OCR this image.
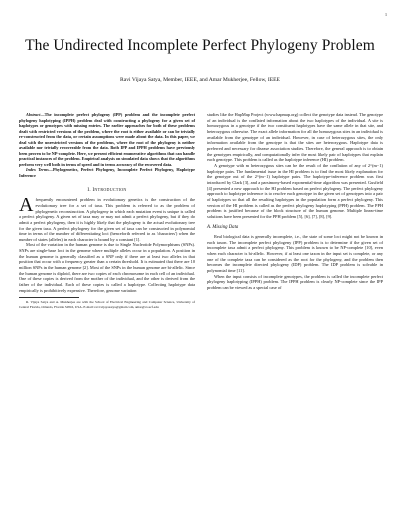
1
The Undirected Incomplete Perfect Phylogeny Problem
Ravi Vijaya Satya, Member, IEEE, and Amar Mukherjee, Fellow, IEEE

Abstract—The incomplete perfect phylogeny (IPP) problem and the incomplete perfect phylogeny haplotyping (IPPH) problem deal with constructing a phylogeny for a given set of haplotypes or genotypes with missing entries. The earlier approaches for both of these problems dealt with restricted versions of the problem, where the root is either available or can be trivially re-constructed from the data, or certain assumptions were made about the data. In this paper, we deal with the unrestricted versions of the problems, where the root of the phylogeny is neither available nor trivially recoverable from the data. Both IPP and IPPH problems have previously been proven to be NP-complete. Here, we present efficient enumerative algorithms that can handle practical instances of the problem. Empirical analysis on simulated data shows that the algorithms perform very well both in terms of speed and in terms accuracy of the recovered data.

Index Terms—Phylogenetics, Perfect Phylogeny, Incomplete Perfect Phylogeny, Haplotype Inference

I. Introduction

Afrequently encountered problem in evolutionary genetics is the construction of the evolutionary tree for a set of taxa. This problem is referred to as the problem of phylogenetic reconstruction. A phylogeny in which each mutation event is unique is called a perfect phylogeny. A given set of taxa may or may not admit a perfect phylogeny, but if they do admit a perfect phylogeny, then it is highly likely that the phylogeny is the actual evolutionary tree for the given taxa. A perfect phylogeny for the given set of taxa can be constructed in polynomial time in terms of the number of differentiating loci (henceforth referred to as 'characters') when the number of states (alleles) in each character is bound by a constant [1].

Most of the variation in the human genome is due to Single Nucleotide Polymorphisms (SNPs). SNPs are single-base loci in the genome where multiple alleles occur in a population. A position in the human genome is generally classified as a SNP only if there are at least two alleles in that position that occur with a frequency greater than a certain threshold. It is estimated that there are 10 million SNPs in the human genome [2]. Most of the SNPs in the human genome are bi-allelic. Since the human genome is diploid, there are two copies of each chromosome in each cell of an individual. One of these copies is derived from the mother of the individual, and the other is derived from the father of the individual. Each of these copies is called a haplotype. Collecting haplotype data empirically is prohibitively expensive. Therefore, genome variation

R. Vijaya Satya and A. Mukherjee are with the School of Electrical Engineering and Computer Science, University of Central Florida, Orlando, Florida 32816, USA. E-mail: ravi.vijayasatya@gmail.com, amar@cs.ucf.edu

studies like the HapMap Project (www.hapmap.org) collect the genotype data instead. The genotype of an individual is the conflated information about the two haplotypes of the individual. A site is homozygous in a genotype if the two constituent haplotypes have the same allele in that site, and heterozygous otherwise. The exact allele information for all the homozygous sites in an individual is available from the genotype of an individual. However, in case of heterozygous sites, the only information available from the genotype is that the sites are heterozygous. Haplotype data is preferred and necessary for disease association studies. Therefore, the general approach is to obtain the genotypes empirically, and computationally infer the most likely pair of haplotypes that explain each genotype. This problem is called as the haplotype inference (HI) problem.

A genotype with m heterozygous sites can be the result of the conflation of any of 2^(m−1) haplotype pairs. The fundamental issue in the HI problem is to find the most likely explanation for the genotype out of the 2^(m−1) haplotype pairs. The haplotype-inference problem was first introduced by Clark [3], and a parsimony-based exponential-time algorithm was presented. Gusfield [4] presented a new approach to the HI problem based on perfect phylogeny. The perfect phylogeny approach to haplotype inference is to resolve each genotype in the given set of genotypes into a pair of haplotypes so that all the resulting haplotypes in the population form a perfect phylogeny. This version of the HI problem is called as the perfect phylogeny haplotyping (PPH) problem. The PPH problem is justified because of the block structure of the human genome. Multiple linear-time solutions have been presented for the PPH problem [5], [6], [7], [8], [9].

A. Missing Data

Real biological data is generally incomplete, i.e., the state of some loci might not be known in each taxon. The incomplete perfect phylogeny (IPP) problem is to determine if the given set of incomplete taxa admit a perfect phylogeny. This problem is known to be NP-complete [10], even when each character is bi-allelic. However, if at least one taxon in the input set is complete, or any one of the complete taxa can be considered as the root for the phylogeny, and the problem then becomes the incomplete directed phylogeny (IDP) problem. The IDP problem is solvable in polynomial time [11].

When the input consists of incomplete genotypes, the problem is called the incomplete perfect phylogeny haplotyping (IPPH) problem. The IPPH problem is clearly NP-complete since the IPP problem can be viewed as a special case of
